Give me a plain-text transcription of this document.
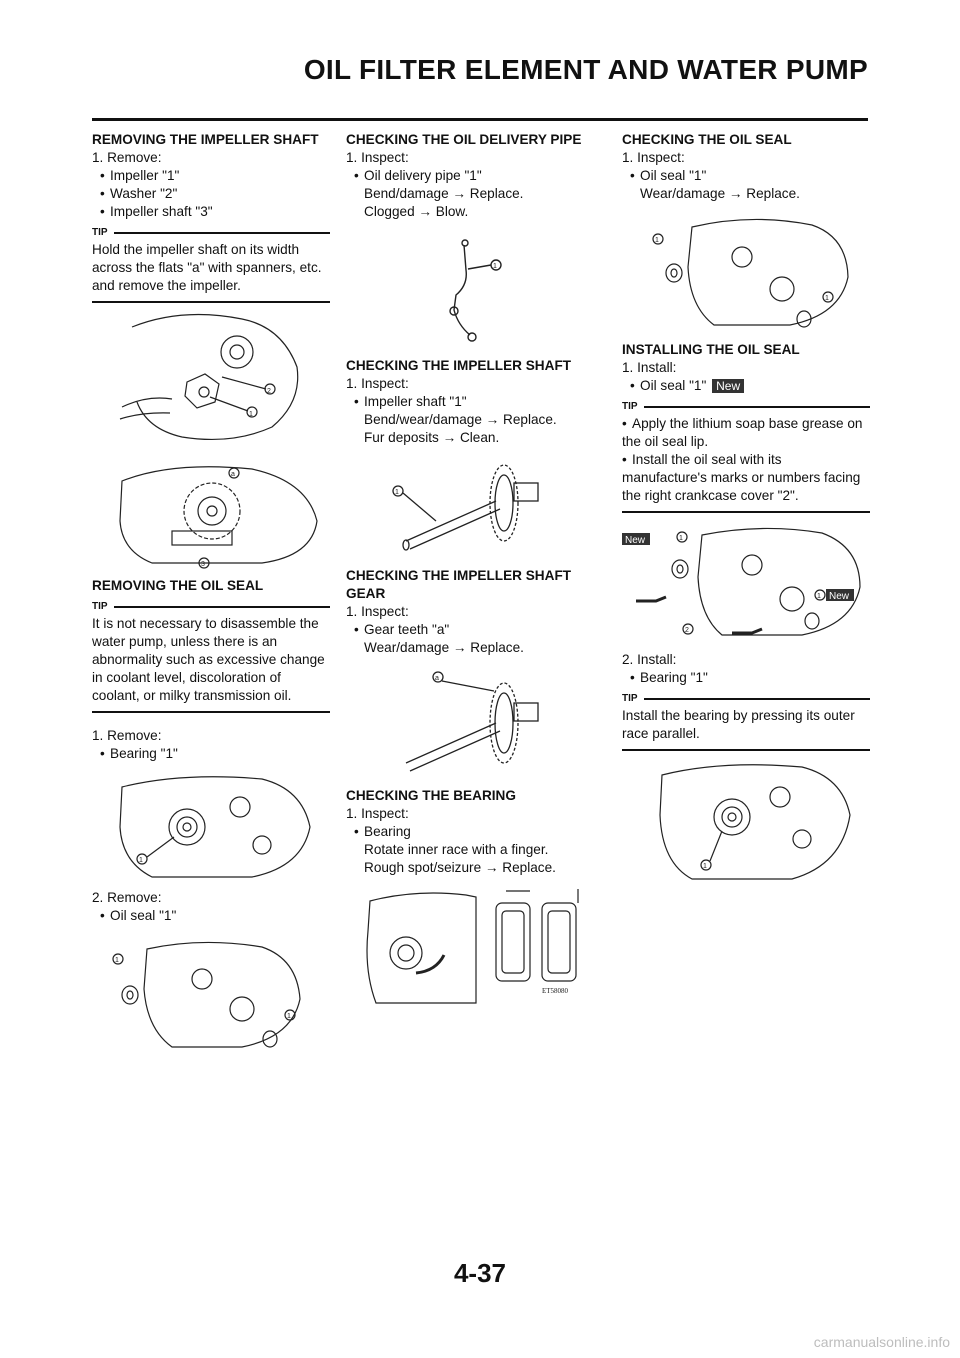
OIL FILTER ELEMENT AND WATER PUMP
REMOVING THE IMPELLER SHAFT
1. Remove:
• Impeller "1"
• Washer "2"
• Impeller shaft "3"
TIP
Hold the impeller shaft on its width across the flats "a" with spanners, etc. and remove the impeller.
2
1
a
3
REMOVING THE OIL SEAL
TIP
It is not necessary to disassemble the water pump, unless there is an abnormality such as excessive change in coolant level, discoloration of coolant, or milky transmission oil.
1. Remove:
• Bearing "1"
1
2. Remove:
• Oil seal "1"
1
1
CHECKING THE OIL DELIVERY PIPE
1. Inspect:
• Oil delivery pipe "1"
Bend/damage → Replace.
Clogged → Blow.
1
CHECKING THE IMPELLER SHAFT
1. Inspect:
• Impeller shaft "1"
Bend/wear/damage → Replace.
Fur deposits → Clean.
1
CHECKING THE IMPELLER SHAFT GEAR
1. Inspect:
• Gear teeth "a"
Wear/damage → Replace.
a
CHECKING THE BEARING
1. Inspect:
• Bearing
Rotate inner race with a finger.
Rough spot/seizure → Replace.
ET58080
CHECKING THE OIL SEAL
1. Inspect:
• Oil seal "1"
Wear/damage → Replace.
1
1
INSTALLING THE OIL SEAL
1. Install:
• Oil seal "1" New
TIP
• Apply the lithium soap base grease on the oil seal lip.
• Install the oil seal with its manufacture's marks or numbers facing the right crankcase cover "2".
1
1
2
New
New
2. Install:
• Bearing "1"
TIP
Install the bearing by pressing its outer race parallel.
1
4-37
carmanualsonline.info
